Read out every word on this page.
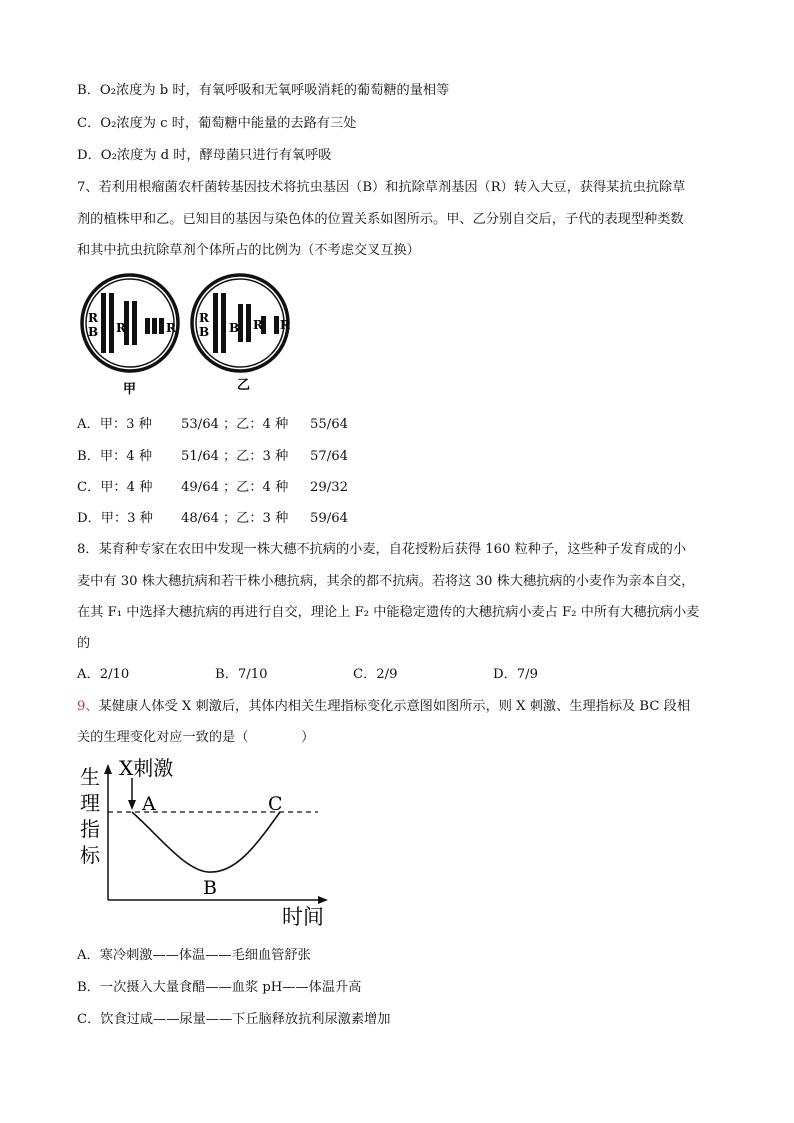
B．O₂浓度为 b 时，有氧呼吸和无氧呼吸消耗的葡萄糖的量相等
C．O₂浓度为 c 时，葡萄糖中能量的去路有三处
D．O₂浓度为 d 时，酵母菌只进行有氧呼吸
7、若利用根瘤菌农杆菌转基因技术将抗虫基因（B）和抗除草剂基因（R）转入大豆，获得某抗虫抗除草
剂的植株甲和乙。已知目的基因与染色体的位置关系如图所示。甲、乙分别自交后，子代的表现型种类数
和其中抗虫抗除草剂个体所占的比例为（不考虑交叉互换）
R
B R	R
甲
R
B B R R
乙
A．甲：3 种 53/64 ；乙：4 种 55/64
B．甲：4 种 51/64 ；乙：3 种 57/64
C．甲：4 种 49/64 ；乙：4 种 29/32
D．甲：3 种 48/64 ；乙：3 种 59/64
8．某育种专家在农田中发现一株大穗不抗病的小麦，自花授粉后获得 160 粒种子，这些种子发育成的小
麦中有 30 株大穗抗病和若干株小穗抗病，其余的都不抗病。若将这 30 株大穗抗病的小麦作为亲本自交，
在其 F₁ 中选择大穗抗病的再进行自交，理论上 F₂ 中能稳定遗传的大穗抗病小麦占 F₂ 中所有大穗抗病小麦
的
A．2/10	B．7/10	C．2/9	D．7/9
9、某健康人体受 X 刺激后，其体内相关生理指标变化示意图如图所示，则 X 刺激、生理指标及 BC 段相
关的生理变化对应一致的是（　　　　）
X刺激
A
B
C
生
理
指
标
时间
A．寒冷刺激——体温——毛细血管舒张
B．一次摄入大量食醋——血浆 pH——体温升高
C．饮食过咸——尿量——下丘脑释放抗利尿激素增加
